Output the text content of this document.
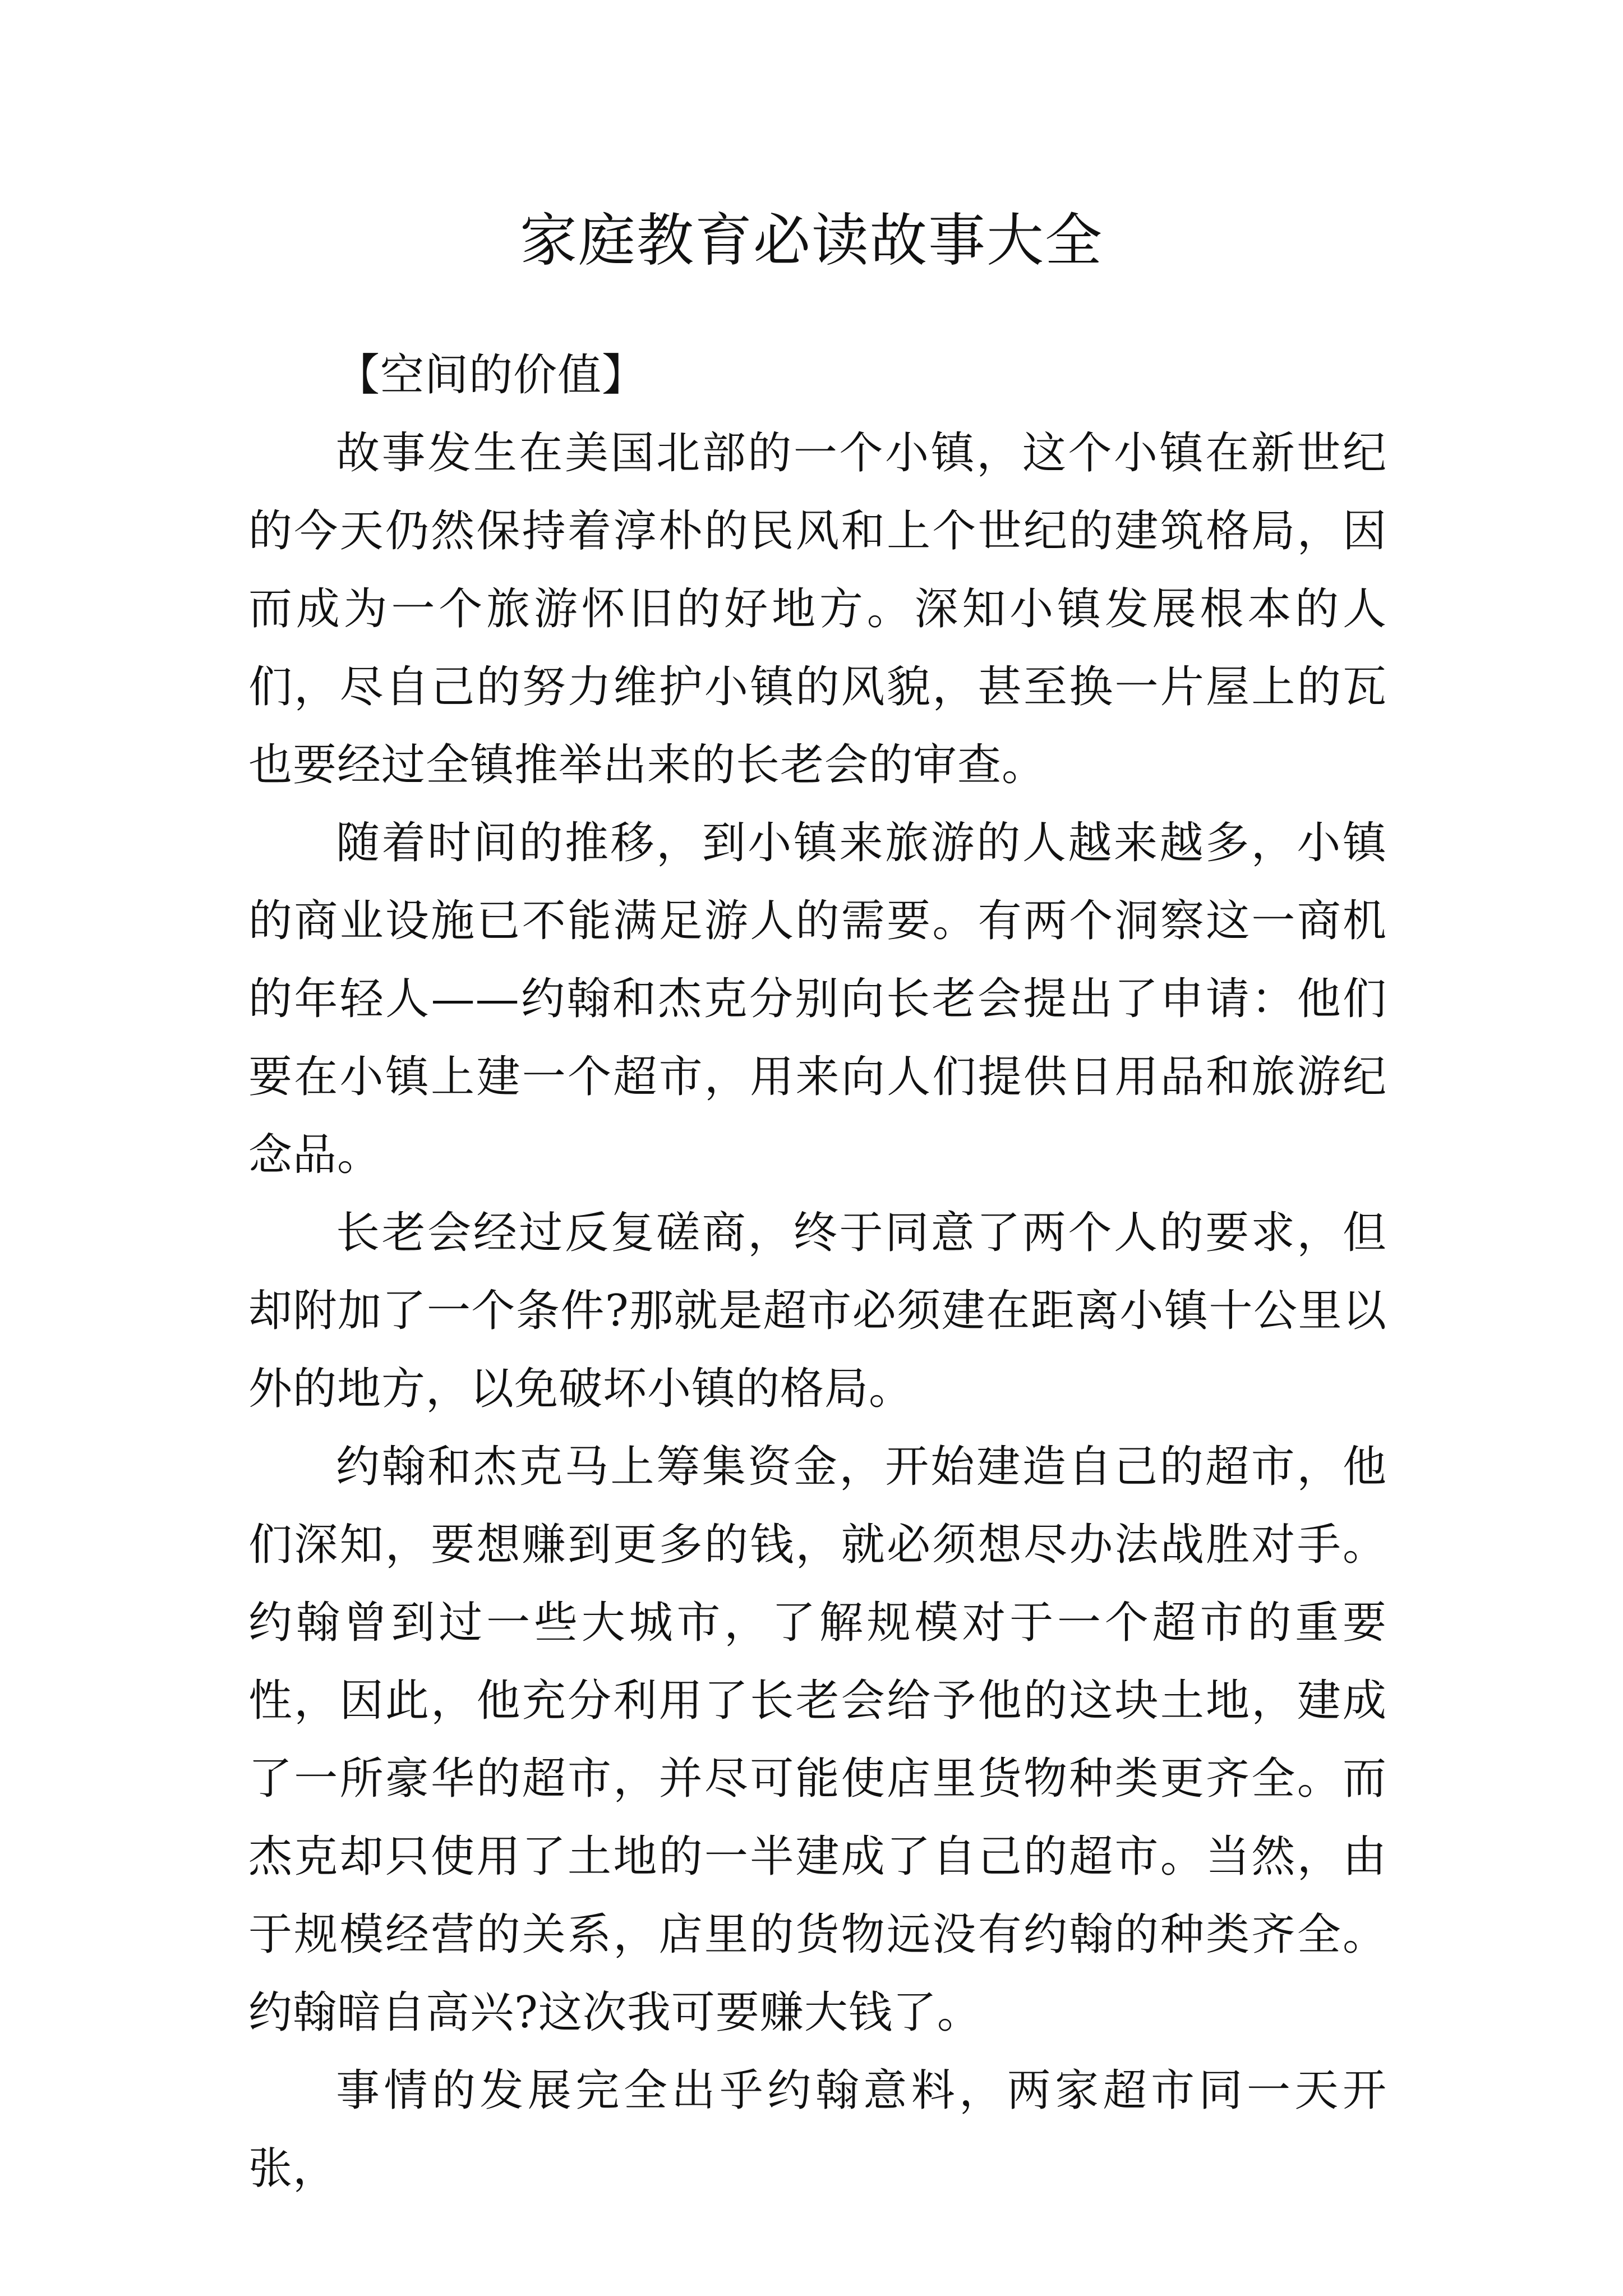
家庭教育必读故事大全

【空间的价值】

故事发生在美国北部的一个小镇，这个小镇在新世纪的今天仍然保持着淳朴的民风和上个世纪的建筑格局，因而成为一个旅游怀旧的好地方。深知小镇发展根本的人们，尽自己的努力维护小镇的风貌，甚至换一片屋上的瓦也要经过全镇推举出来的长老会的审查。

随着时间的推移，到小镇来旅游的人越来越多，小镇的商业设施已不能满足游人的需要。有两个洞察这一商机的年轻人——约翰和杰克分别向长老会提出了申请：他们要在小镇上建一个超市，用来向人们提供日用品和旅游纪念品。

长老会经过反复磋商，终于同意了两个人的要求，但却附加了一个条件?那就是超市必须建在距离小镇十公里以外的地方，以免破坏小镇的格局。

约翰和杰克马上筹集资金，开始建造自己的超市，他们深知，要想赚到更多的钱，就必须想尽办法战胜对手。约翰曾到过一些大城市，了解规模对于一个超市的重要性，因此，他充分利用了长老会给予他的这块土地，建成了一所豪华的超市，并尽可能使店里货物种类更齐全。而杰克却只使用了土地的一半建成了自己的超市。当然，由于规模经营的关系，店里的货物远没有约翰的种类齐全。约翰暗自高兴?这次我可要赚大钱了。

事情的发展完全出乎约翰意料，两家超市同一天开张，
